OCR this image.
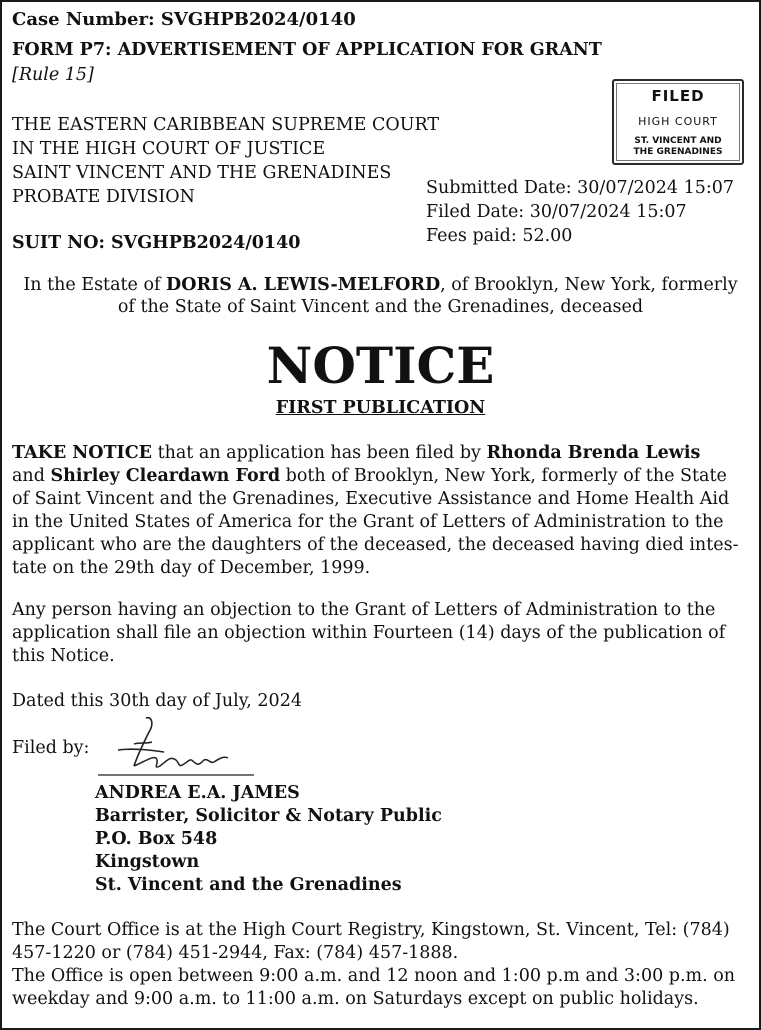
Case Number: SVGHPB2024/0140
FORM P7: ADVERTISEMENT OF APPLICATION FOR GRANT
[Rule 15]
THE EASTERN CARIBBEAN SUPREME COURT
IN THE HIGH COURT OF JUSTICE
SAINT VINCENT AND THE GRENADINES
PROBATE DIVISION
SUIT NO: SVGHPB2024/0140
FILED
HIGH COURT
ST. VINCENT AND
THE GRENADINES
Submitted Date: 30/07/2024 15:07
Filed Date: 30/07/2024 15:07
Fees paid: 52.00
In the Estate of DORIS A. LEWIS-MELFORD, of Brooklyn, New York, formerly
of the State of Saint Vincent and the Grenadines, deceased
NOTICE
FIRST PUBLICATION
TAKE NOTICE that an application has been filed by Rhonda Brenda Lewis
and Shirley Cleardawn Ford both of Brooklyn, New York, formerly of the State
of Saint Vincent and the Grenadines, Executive Assistance and Home Health Aid
in the United States of America for the Grant of Letters of Administration to the
applicant who are the daughters of the deceased, the deceased having died intes-
tate on the 29th day of December, 1999.
Any person having an objection to the Grant of Letters of Administration to the
application shall file an objection within Fourteen (14) days of the publication of
this Notice.
Dated this 30th day of July, 2024
Filed by:
ANDREA E.A. JAMES
Barrister, Solicitor & Notary Public
P.O. Box 548
Kingstown
St. Vincent and the Grenadines
The Court Office is at the High Court Registry, Kingstown, St. Vincent, Tel: (784)
457-1220 or (784) 451-2944, Fax: (784) 457-1888.
The Office is open between 9:00 a.m. and 12 noon and 1:00 p.m and 3:00 p.m. on
weekday and 9:00 a.m. to 11:00 a.m. on Saturdays except on public holidays.
